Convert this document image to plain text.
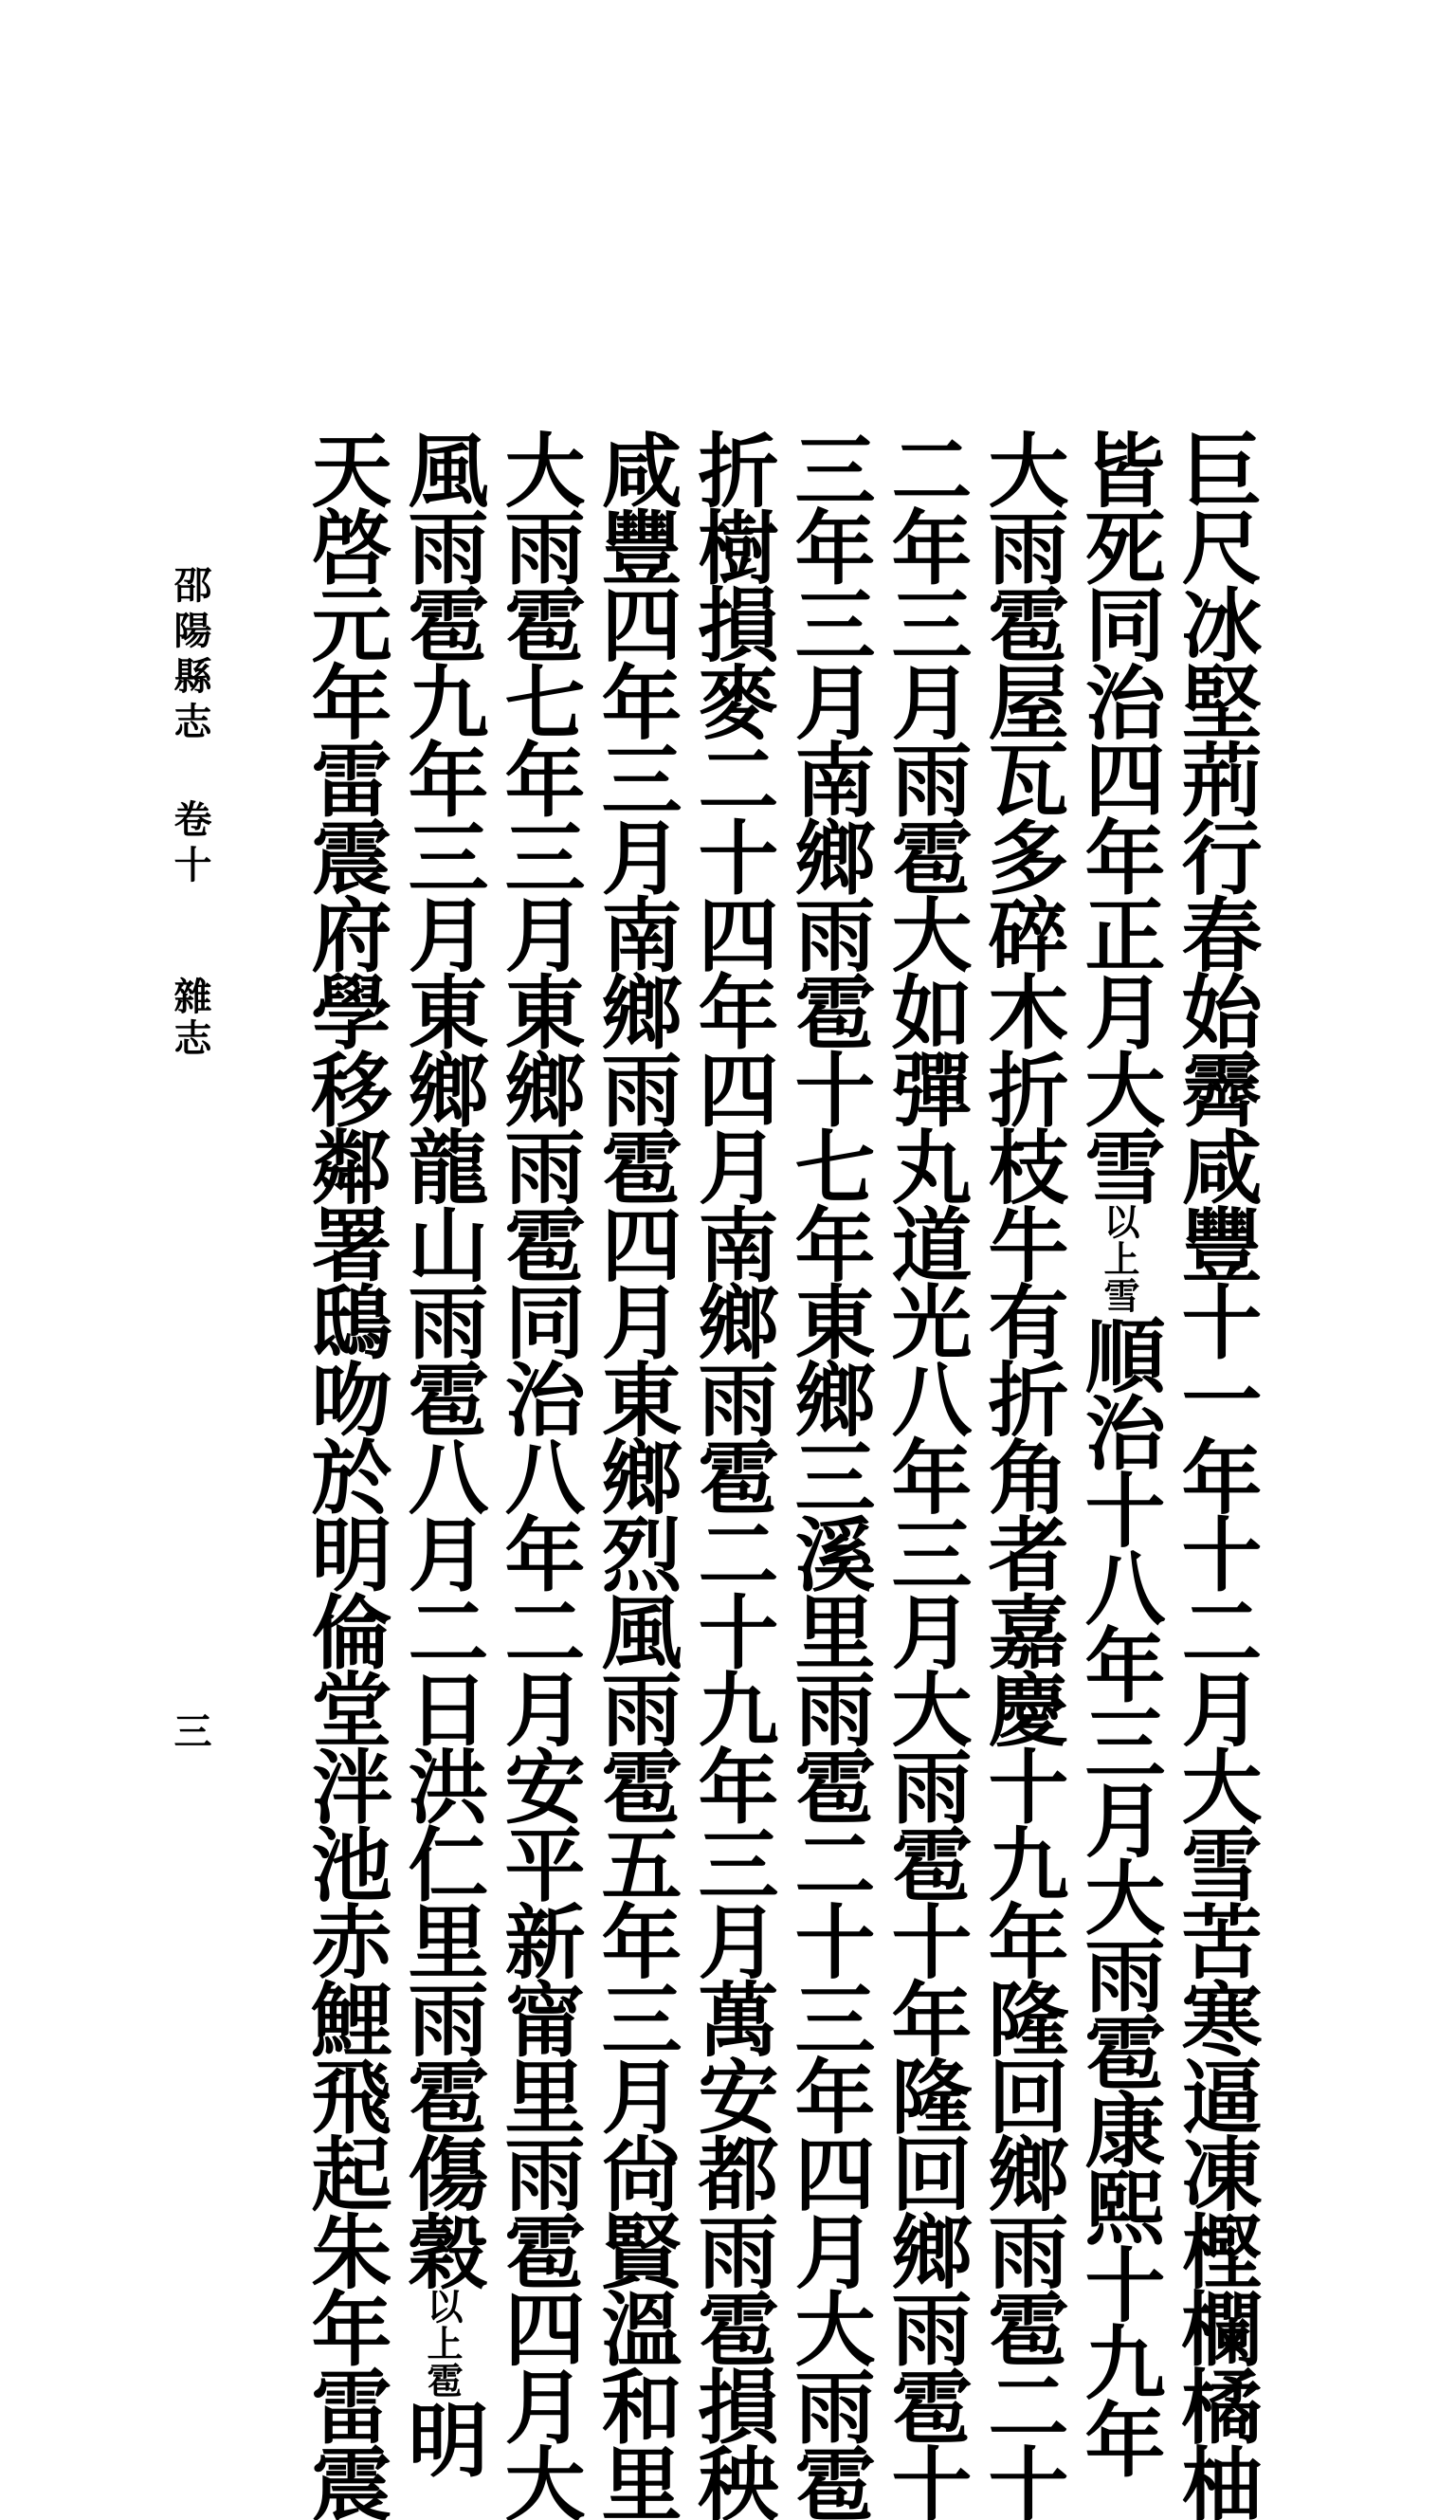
巨尺冰堅荊行春始霽咸豐十一年十二月大雪苦寒逼凍樫欄橘柚
皆死同治四年正月大雪以上雪順治十八年三月大雨雹康熙十九年
大雨雹屋瓦多碎木折枝牛有折角者嘉慶十九年隆回鄉雨雹二十
二年三月雨雹大如彈丸道光八年三月大雨雹十年隆回鄉雨雹十
三年三月南鄉雨雹十七年東鄉三溪里雨雹二十三年四月大雨雹
折樹損麥二十四年四月南鄉雨雹二十九年三月萬安都雨雹損秧
咸豐四年三月南鄉雨雹四月東鄉烈風雨雹五年三月尙賢溫和里
大雨雹七年三月東鄉雨雹同治八年二月安平新甯里雨雹四月大
風雨雹九年三月東鄉龍山雨雹八月二日洪仁里雨雹傷穀以上雹明
天啓元年雷震府學移鄰署鴟吻於明倫堂泮池赤鯉飛起朱年雷震
邵陽縣志 卷十
雜志
三
